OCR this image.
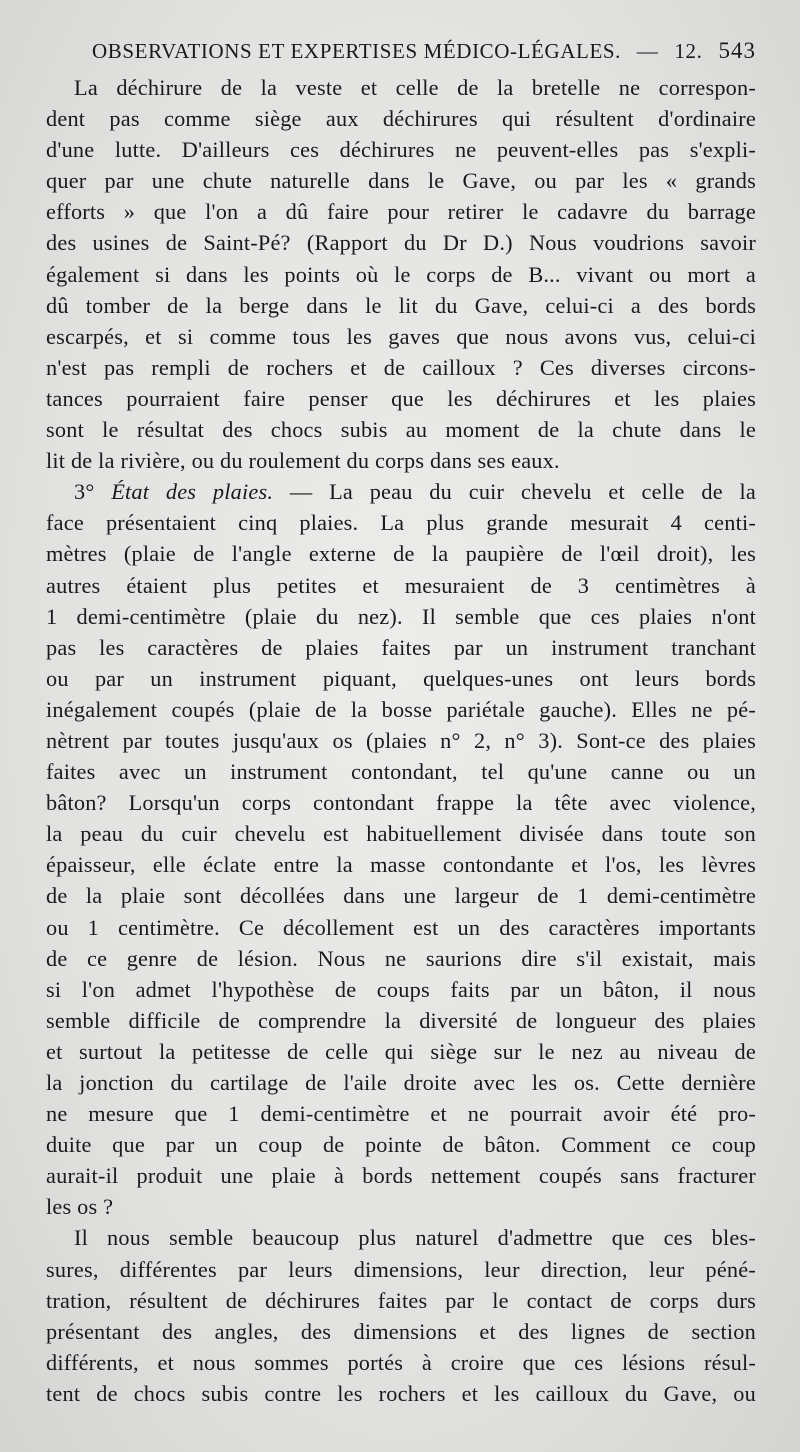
OBSERVATIONS ET EXPERTISES MÉDICO-LÉGALES. — 12. 543
La déchirure de la veste et celle de la bretelle ne correspon-
dent pas comme siège aux déchirures qui résultent d'ordinaire
d'une lutte. D'ailleurs ces déchirures ne peuvent-elles pas s'expli-
quer par une chute naturelle dans le Gave, ou par les « grands
efforts » que l'on a dû faire pour retirer le cadavre du barrage
des usines de Saint-Pé? (Rapport du Dr D.) Nous voudrions savoir
également si dans les points où le corps de B... vivant ou mort a
dû tomber de la berge dans le lit du Gave, celui-ci a des bords
escarpés, et si comme tous les gaves que nous avons vus, celui-ci
n'est pas rempli de rochers et de cailloux ? Ces diverses circons-
tances pourraient faire penser que les déchirures et les plaies
sont le résultat des chocs subis au moment de la chute dans le
lit de la rivière, ou du roulement du corps dans ses eaux.
3° État des plaies. — La peau du cuir chevelu et celle de la
face présentaient cinq plaies. La plus grande mesurait 4 centi-
mètres (plaie de l'angle externe de la paupière de l'œil droit), les
autres étaient plus petites et mesuraient de 3 centimètres à
1 demi-centimètre (plaie du nez). Il semble que ces plaies n'ont
pas les caractères de plaies faites par un instrument tranchant
ou par un instrument piquant, quelques-unes ont leurs bords
inégalement coupés (plaie de la bosse pariétale gauche). Elles ne pé-
nètrent par toutes jusqu'aux os (plaies n° 2, n° 3). Sont-ce des plaies
faites avec un instrument contondant, tel qu'une canne ou un
bâton? Lorsqu'un corps contondant frappe la tête avec violence,
la peau du cuir chevelu est habituellement divisée dans toute son
épaisseur, elle éclate entre la masse contondante et l'os, les lèvres
de la plaie sont décollées dans une largeur de 1 demi-centimètre
ou 1 centimètre. Ce décollement est un des caractères importants
de ce genre de lésion. Nous ne saurions dire s'il existait, mais
si l'on admet l'hypothèse de coups faits par un bâton, il nous
semble difficile de comprendre la diversité de longueur des plaies
et surtout la petitesse de celle qui siège sur le nez au niveau de
la jonction du cartilage de l'aile droite avec les os. Cette dernière
ne mesure que 1 demi-centimètre et ne pourrait avoir été pro-
duite que par un coup de pointe de bâton. Comment ce coup
aurait-il produit une plaie à bords nettement coupés sans fracturer
les os ?
Il nous semble beaucoup plus naturel d'admettre que ces bles-
sures, différentes par leurs dimensions, leur direction, leur péné-
tration, résultent de déchirures faites par le contact de corps durs
présentant des angles, des dimensions et des lignes de section
différents, et nous sommes portés à croire que ces lésions résul-
tent de chocs subis contre les rochers et les cailloux du Gave, ou
